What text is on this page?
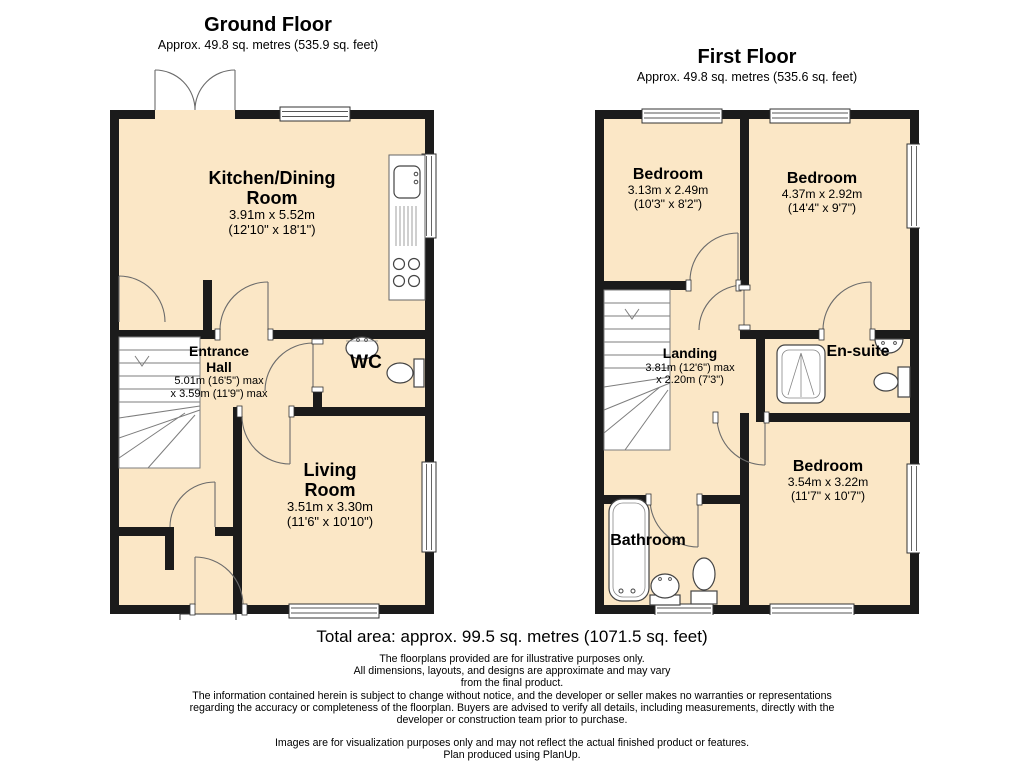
Ground Floor
Approx. 49.8 sq. metres (535.9 sq. feet)
First Floor
Approx. 49.8 sq. metres (535.6 sq. feet)
Kitchen/Dining
Room
3.91m x 5.52m
(12'10" x 18'1")
Entrance
Hall
5.01m (16'5") max
x 3.59m (11'9") max
WC
Living
Room
3.51m x 3.30m
(11'6" x 10'10")
Bedroom
3.13m x 2.49m
(10'3" x 8'2")
Bedroom
4.37m x 2.92m
(14'4" x 9'7")
Landing
3.81m (12'6") max
x 2.20m (7'3")
En-suite
Bedroom
3.54m x 3.22m
(11'7" x 10'7")
Bathroom
Total area: approx. 99.5 sq. metres (1071.5 sq. feet)
The floorplans provided are for illustrative purposes only.
All dimensions, layouts, and designs are approximate and may vary
from the final product.
The information contained herein is subject to change without notice, and the developer or seller makes no warranties or representations
regarding the accuracy or completeness of the floorplan. Buyers are advised to verify all details, including measurements, directly with the
developer or construction team prior to purchase.
Images are for visualization purposes only and may not reflect the actual finished product or features.
Plan produced using PlanUp.
